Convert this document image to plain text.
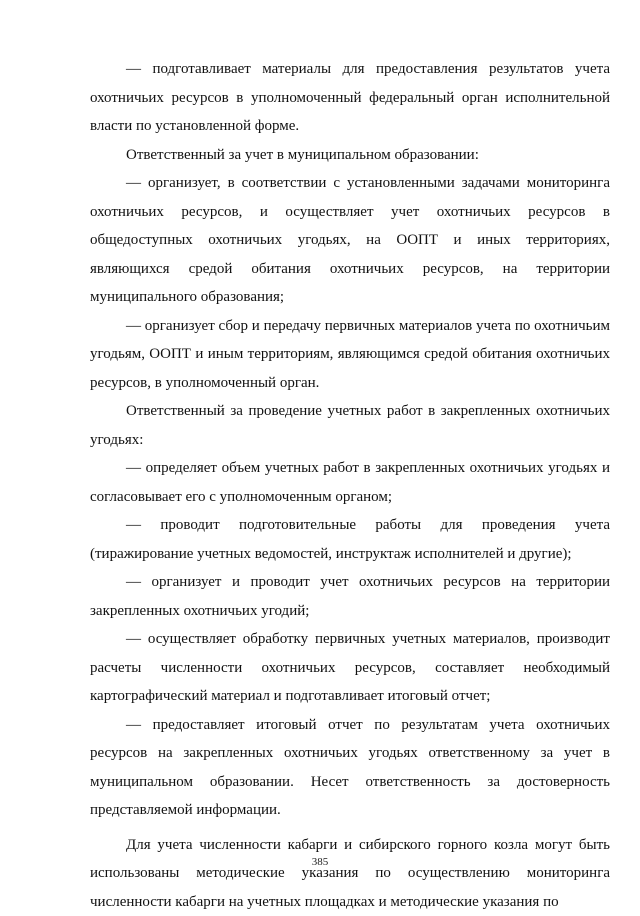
— подготавливает материалы для предоставления результатов учета охотничьих ресурсов в уполномоченный федеральный орган исполнительной власти по установленной форме.

Ответственный за учет в муниципальном образовании:

— организует, в соответствии с установленными задачами мониторинга охотничьих ресурсов, и осуществляет учет охотничьих ресурсов в общедоступных охотничьих угодьях, на ООПТ и иных территориях, являющихся средой обитания охотничьих ресурсов, на территории муниципального образования;

— организует сбор и передачу первичных материалов учета по охотничьим угодьям, ООПТ и иным территориям, являющимся средой обитания охотничьих ресурсов, в уполномоченный орган.

Ответственный за проведение учетных работ в закрепленных охотничьих угодьях:

— определяет объем учетных работ в закрепленных охотничьих угодьях и согласовывает его с уполномоченным органом;

— проводит подготовительные работы для проведения учета (тиражирование учетных ведомостей, инструктаж исполнителей и другие);

— организует и проводит учет охотничьих ресурсов на территории закрепленных охотничьих угодий;

— осуществляет обработку первичных учетных материалов, производит расчеты численности охотничьих ресурсов, составляет необходимый картографический материал и подготавливает итоговый отчет;

— предоставляет итоговый отчет по результатам учета охотничьих ресурсов на закрепленных охотничьих угодьях ответственному за учет в муниципальном образовании. Несет ответственность за достоверность представляемой информации.

Для учета численности кабарги и сибирского горного козла могут быть использованы методические указания по осуществлению мониторинга численности кабарги на учетных площадках и методические указания по

385
